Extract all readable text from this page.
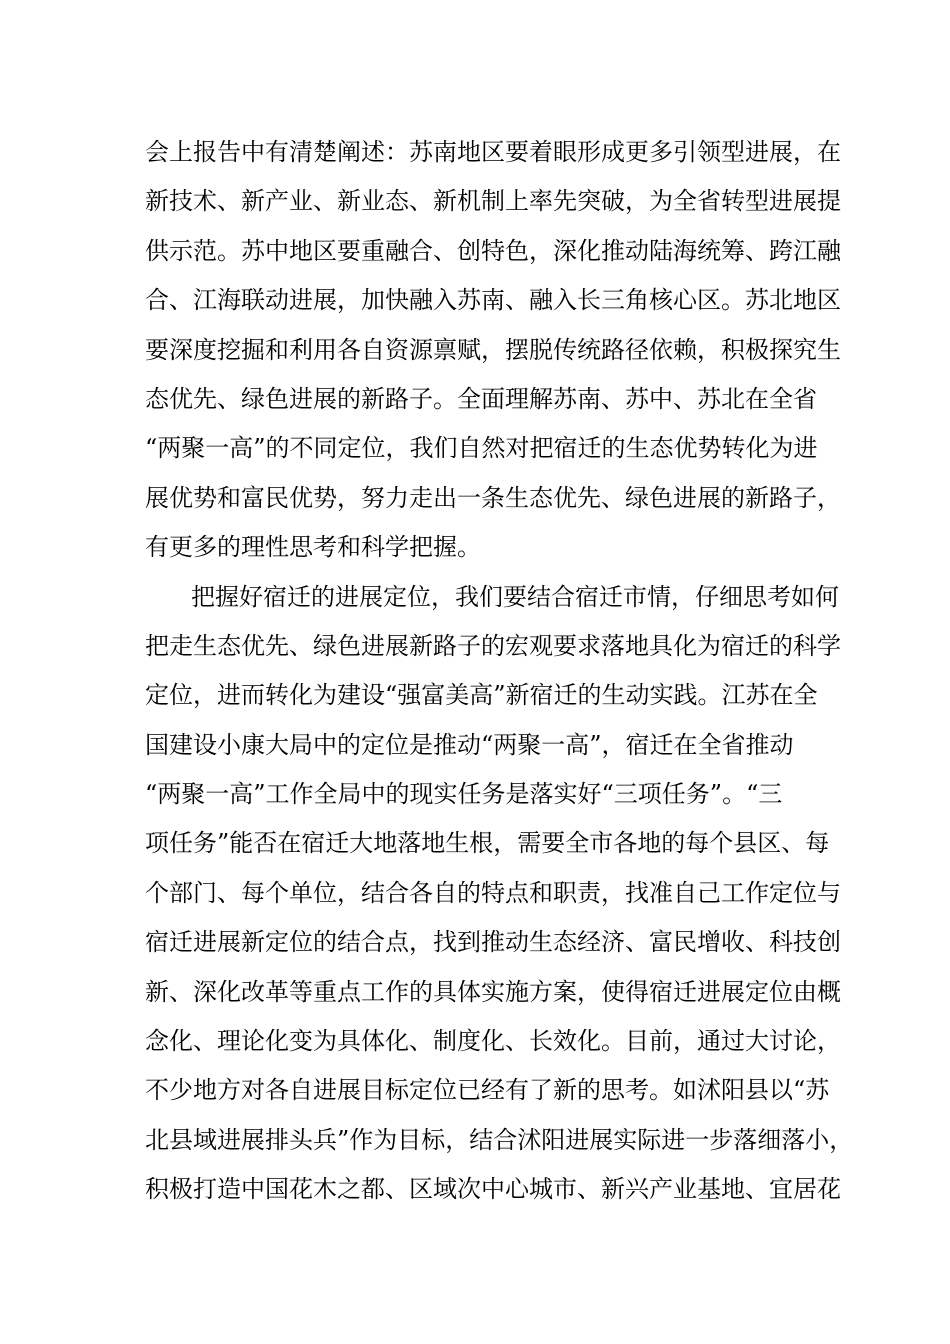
会上报告中有清楚阐述：苏南地区要着眼形成更多引领型进展，在
新技术、新产业、新业态、新机制上率先突破，为全省转型进展提
供示范。苏中地区要重融合、创特色，深化推动陆海统筹、跨江融
合、江海联动进展，加快融入苏南、融入长三角核心区。苏北地区
要深度挖掘和利用各自资源禀赋，摆脱传统路径依赖，积极探究生
态优先、绿色进展的新路子。全面理解苏南、苏中、苏北在全省
“两聚一高”的不同定位，我们自然对把宿迁的生态优势转化为进
展优势和富民优势，努力走出一条生态优先、绿色进展的新路子，
有更多的理性思考和科学把握。
把握好宿迁的进展定位，我们要结合宿迁市情，仔细思考如何
把走生态优先、绿色进展新路子的宏观要求落地具化为宿迁的科学
定位，进而转化为建设“强富美高”新宿迁的生动实践。江苏在全
国建设小康大局中的定位是推动“两聚一高”，宿迁在全省推动
“两聚一高”工作全局中的现实任务是落实好“三项任务”。“三
项任务”能否在宿迁大地落地生根，需要全市各地的每个县区、每
个部门、每个单位，结合各自的特点和职责，找准自己工作定位与
宿迁进展新定位的结合点，找到推动生态经济、富民增收、科技创
新、深化改革等重点工作的具体实施方案，使得宿迁进展定位由概
念化、理论化变为具体化、制度化、长效化。目前，通过大讨论，
不少地方对各自进展目标定位已经有了新的思考。如沭阳县以“苏
北县域进展排头兵”作为目标，结合沭阳进展实际进一步落细落小，
积极打造中国花木之都、区域次中心城市、新兴产业基地、宜居花
